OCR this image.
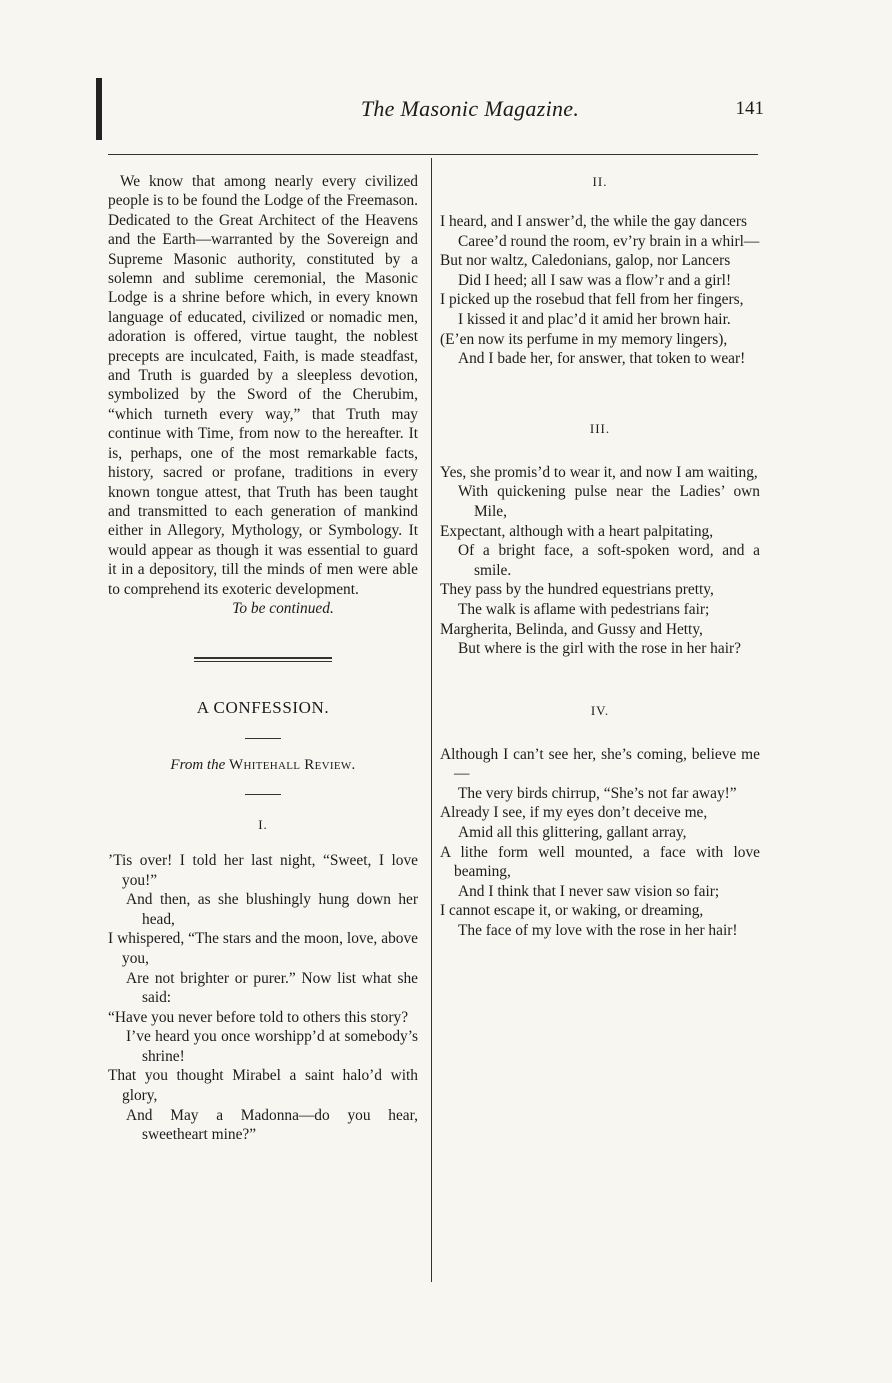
The Masonic Magazine.	141

We know that among nearly every civilized people is to be found the Lodge of the Freemason. Dedicated to the Great Architect of the Heavens and the Earth—warranted by the Sovereign and Supreme Masonic authority, constituted by a solemn and sublime ceremonial, the Masonic Lodge is a shrine before which, in every known language of educated, civilized or nomadic men, adoration is offered, virtue taught, the noblest precepts are inculcated, Faith, is made steadfast, and Truth is guarded by a sleepless devotion, symbolized by the Sword of the Cherubim, “which turneth every way,” that Truth may continue with Time, from now to the hereafter. It is, perhaps, one of the most remarkable facts, history, sacred or profane, traditions in every known tongue attest, that Truth has been taught and transmitted to each generation of mankind either in Allegory, Mythology, or Symbology. It would appear as though it was essential to guard it in a depository, till the minds of men were able to comprehend its exoteric development.

To be continued.

A CONFESSION.

From the Whitehall Review.

I.

’Tis over! I told her last night, “Sweet, I love you!”
And then, as she blushingly hung down her head,
I whispered, “The stars and the moon, love, above you,
Are not brighter or purer.” Now list what she said:
“Have you never before told to others this story?
I’ve heard you once worshipp’d at somebody’s shrine!
That you thought Mirabel a saint halo’d with glory,
And May a Madonna—do you hear, sweetheart mine?”

II.

I heard, and I answer’d, the while the gay dancers
Caree’d round the room, ev’ry brain in a whirl—
But nor waltz, Caledonians, galop, nor Lancers
Did I heed; all I saw was a flow’r and a girl!
I picked up the rosebud that fell from her fingers,
I kissed it and plac’d it amid her brown hair.
(E’en now its perfume in my memory lingers),
And I bade her, for answer, that token to wear!

III.

Yes, she promis’d to wear it, and now I am waiting,
With quickening pulse near the Ladies’ own Mile,
Expectant, although with a heart palpitating,
Of a bright face, a soft-spoken word, and a smile.
They pass by the hundred equestrians pretty,
The walk is aflame with pedestrians fair;
Margherita, Belinda, and Gussy and Hetty,
But where is the girl with the rose in her hair?

IV.

Although I can’t see her, she’s coming, believe me—
The very birds chirrup, “She’s not far away!”
Already I see, if my eyes don’t deceive me,
Amid all this glittering, gallant array,
A lithe form well mounted, a face with love beaming,
And I think that I never saw vision so fair;
I cannot escape it, or waking, or dreaming,
The face of my love with the rose in her hair!
